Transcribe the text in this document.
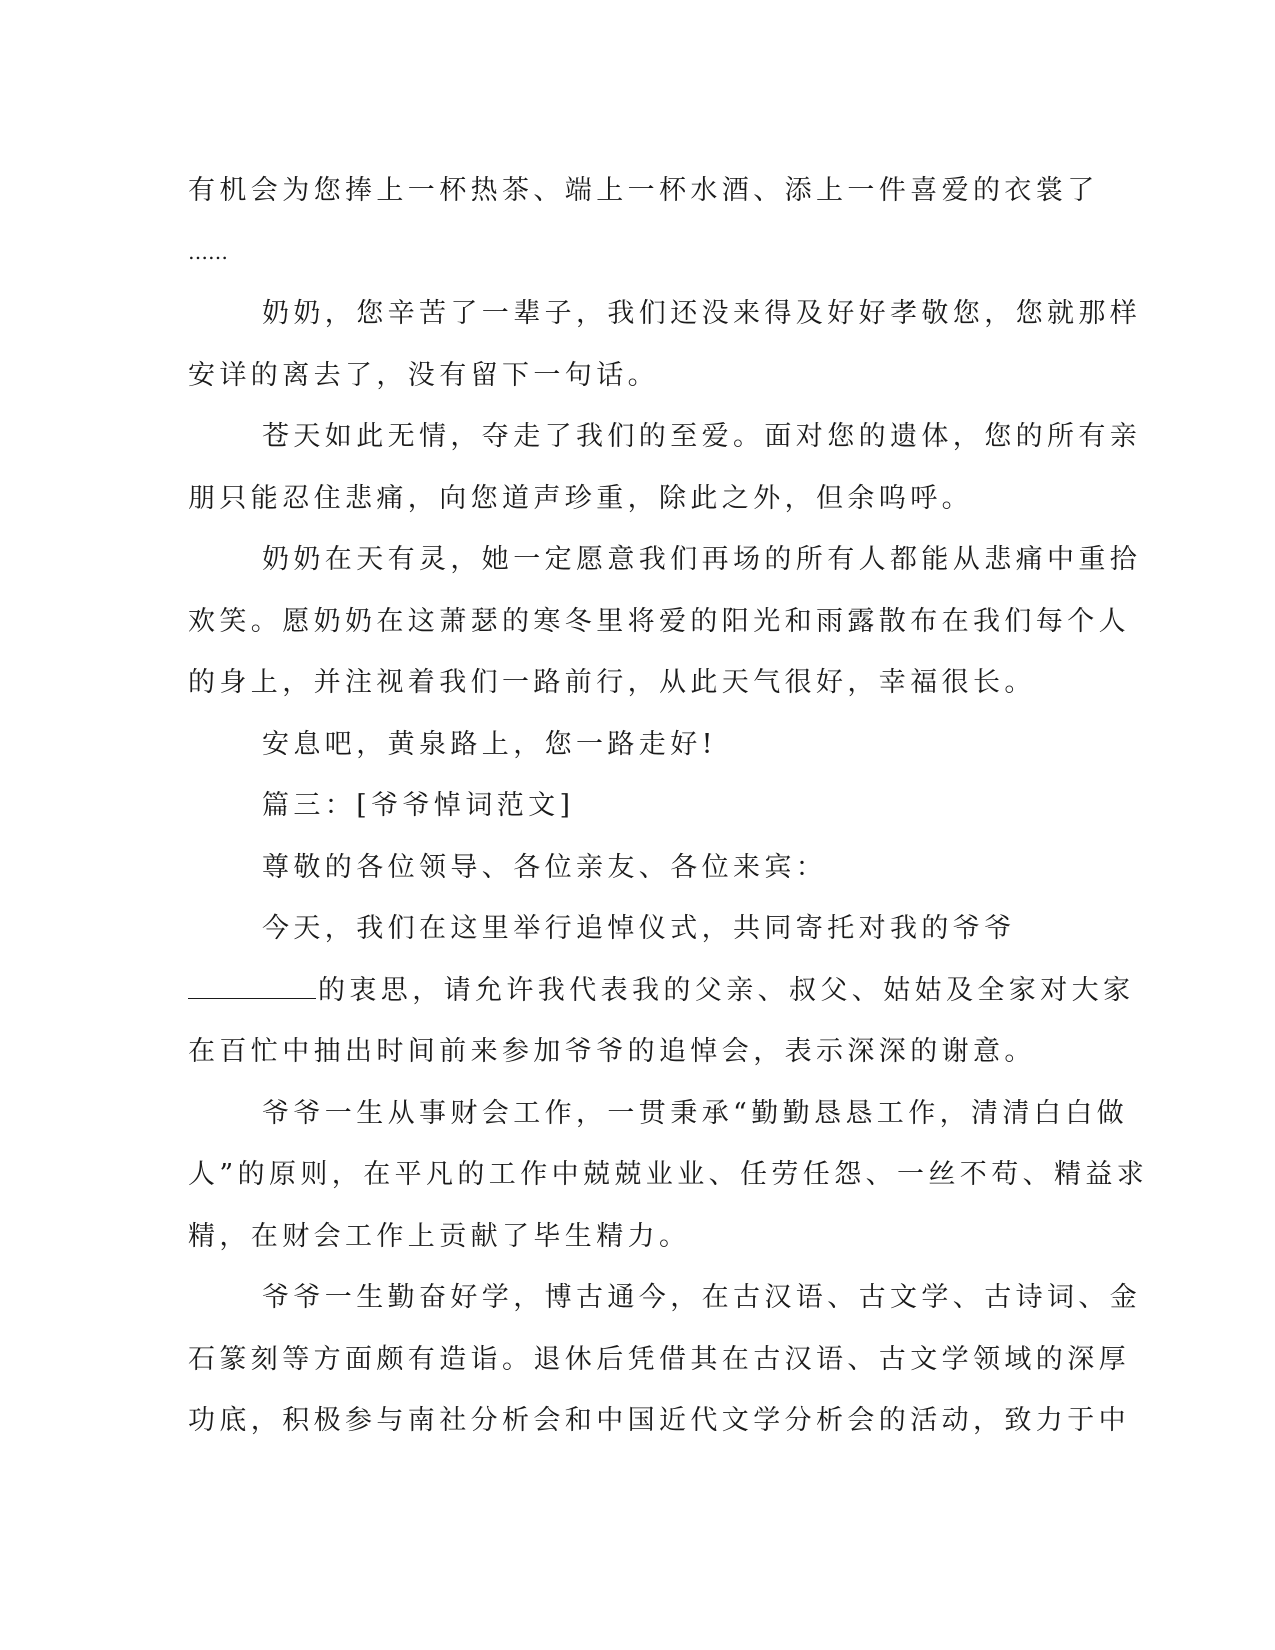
有机会为您捧上一杯热茶、端上一杯水酒、添上一件喜爱的衣裳了
……
奶奶，您辛苦了一辈子，我们还没来得及好好孝敬您，您就那样
安详的离去了，没有留下一句话。
苍天如此无情，夺走了我们的至爱。面对您的遗体，您的所有亲
朋只能忍住悲痛，向您道声珍重，除此之外，但余呜呼。
奶奶在天有灵，她一定愿意我们再场的所有人都能从悲痛中重拾
欢笑。愿奶奶在这萧瑟的寒冬里将爱的阳光和雨露散布在我们每个人
的身上，并注视着我们一路前行，从此天气很好，幸福很长。
安息吧，黄泉路上，您一路走好!
篇三：[爷爷悼词范文]
尊敬的各位领导、各位亲友、各位来宾：
今天，我们在这里举行追悼仪式，共同寄托对我的爷爷
的衷思，请允许我代表我的父亲、叔父、姑姑及全家对大家
在百忙中抽出时间前来参加爷爷的追悼会，表示深深的谢意。
爷爷一生从事财会工作，一贯秉承“勤勤恳恳工作，清清白白做
人”的原则，在平凡的工作中兢兢业业、任劳任怨、一丝不苟、精益求
精，在财会工作上贡献了毕生精力。
爷爷一生勤奋好学，博古通今，在古汉语、古文学、古诗词、金
石篆刻等方面颇有造诣。退休后凭借其在古汉语、古文学领域的深厚
功底，积极参与南社分析会和中国近代文学分析会的活动，致力于中
